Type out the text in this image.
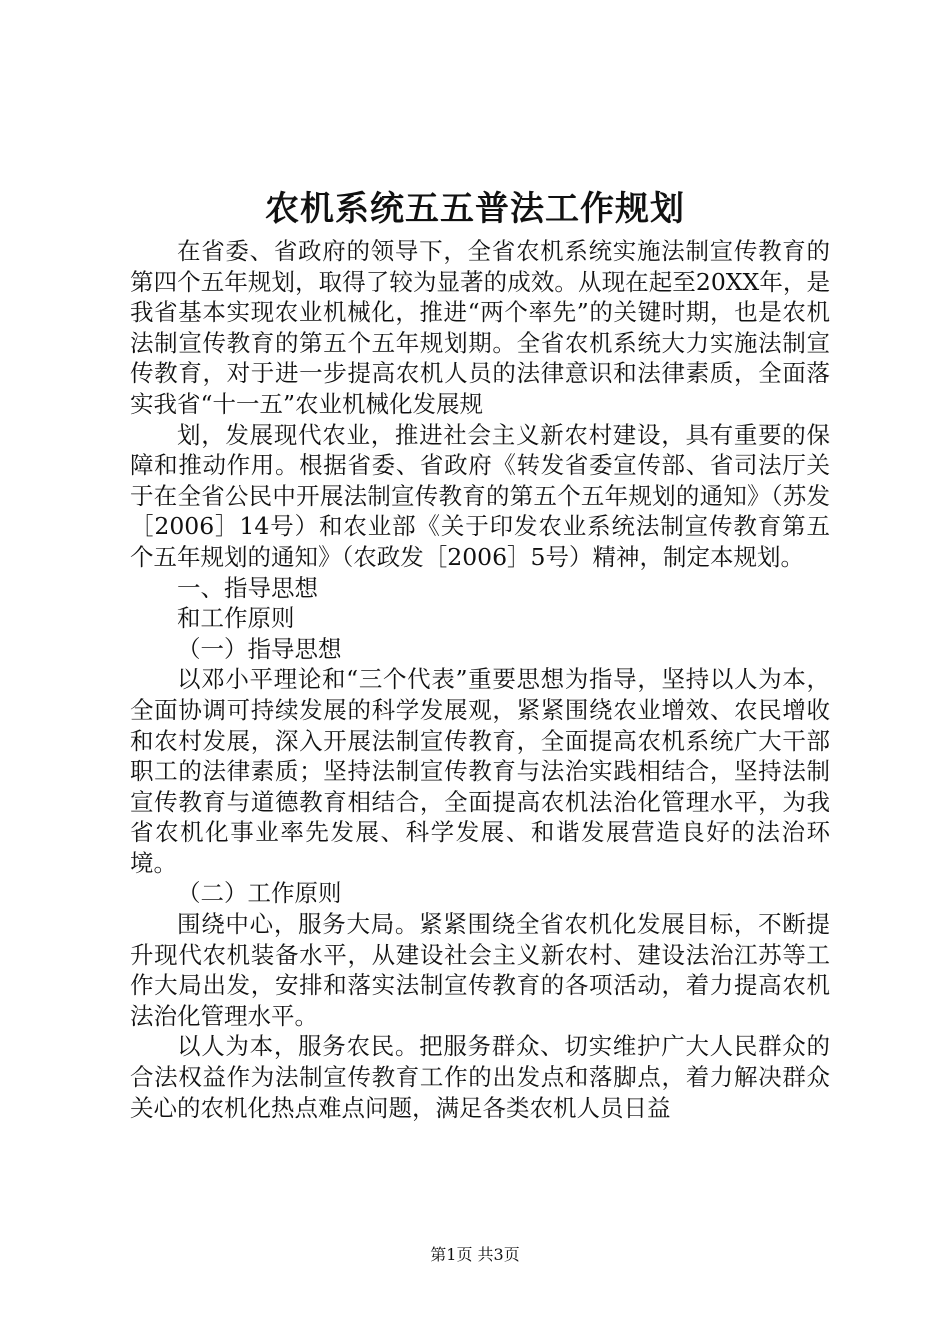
农机系统五五普法工作规划

在省委、省政府的领导下，全省农机系统实施法制宣传教育的第四个五年规划，取得了较为显著的成效。从现在起至20XX年，是我省基本实现农业机械化，推进“两个率先”的关键时期，也是农机法制宣传教育的第五个五年规划期。全省农机系统大力实施法制宣传教育，对于进一步提高农机人员的法律意识和法律素质，全面落实我省“十一五”农业机械化发展规

划，发展现代农业，推进社会主义新农村建设，具有重要的保障和推动作用。根据省委、省政府《转发省委宣传部、省司法厅关于在全省公民中开展法制宣传教育的第五个五年规划的通知》（苏发［2006］14号）和农业部《关于印发农业系统法制宣传教育第五个五年规划的通知》（农政发［2006］5号）精神，制定本规划。

一、指导思想

和工作原则

（一）指导思想

以邓小平理论和“三个代表”重要思想为指导，坚持以人为本，全面协调可持续发展的科学发展观，紧紧围绕农业增效、农民增收和农村发展，深入开展法制宣传教育，全面提高农机系统广大干部职工的法律素质；坚持法制宣传教育与法治实践相结合，坚持法制宣传教育与道德教育相结合，全面提高农机法治化管理水平，为我省农机化事业率先发展、科学发展、和谐发展营造良好的法治环境。

（二）工作原则

围绕中心，服务大局。紧紧围绕全省农机化发展目标，不断提升现代农机装备水平，从建设社会主义新农村、建设法治江苏等工作大局出发，安排和落实法制宣传教育的各项活动，着力提高农机法治化管理水平。

以人为本，服务农民。把服务群众、切实维护广大人民群众的合法权益作为法制宣传教育工作的出发点和落脚点，着力解决群众关心的农机化热点难点问题，满足各类农机人员日益

第1页 共3页
